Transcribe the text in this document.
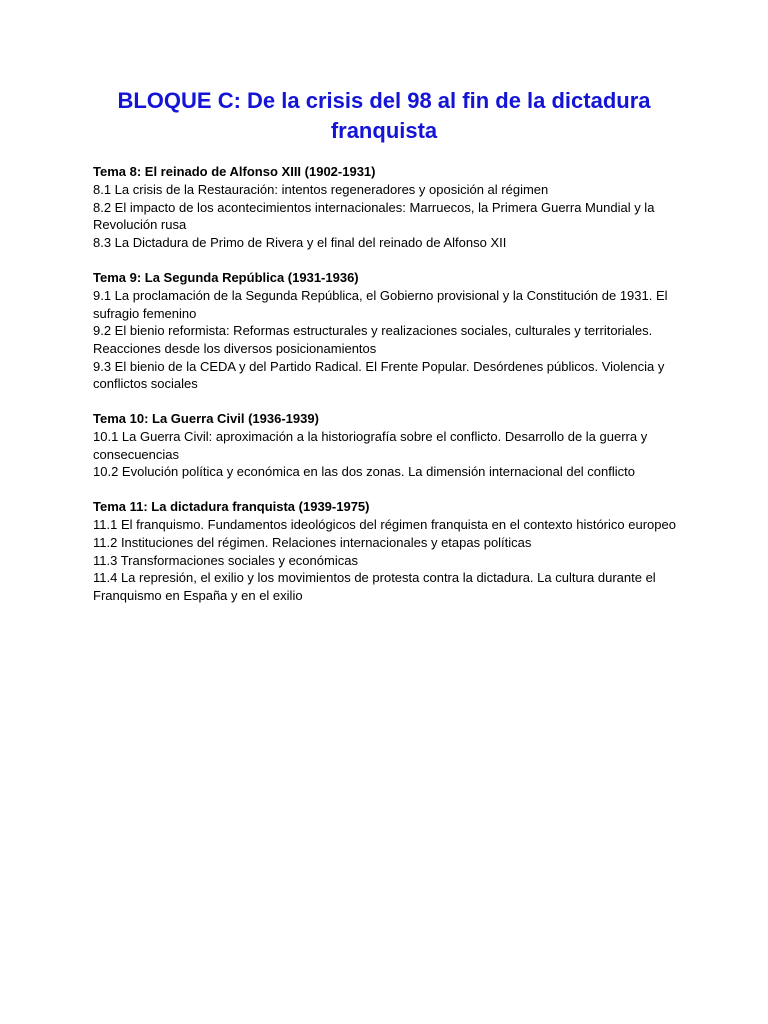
BLOQUE C: De la crisis del 98 al fin de la dictadura franquista

Tema 8: El reinado de Alfonso XIII (1902-1931)

8.1 La crisis de la Restauración: intentos regeneradores y oposición al régimen

8.2 El impacto de los acontecimientos internacionales: Marruecos, la Primera Guerra Mundial y la Revolución rusa

8.3 La Dictadura de Primo de Rivera y el final del reinado de Alfonso XII

Tema 9: La Segunda República (1931-1936)

9.1 La proclamación de la Segunda República, el Gobierno provisional y la Constitución de 1931. El sufragio femenino

9.2 El bienio reformista: Reformas estructurales y realizaciones sociales, culturales y territoriales. Reacciones desde los diversos posicionamientos

9.3 El bienio de la CEDA y del Partido Radical. El Frente Popular. Desórdenes públicos. Violencia y conflictos sociales

Tema 10: La Guerra Civil (1936-1939)

10.1 La Guerra Civil: aproximación a la historiografía sobre el conflicto. Desarrollo de la guerra y consecuencias

10.2 Evolución política y económica en las dos zonas. La dimensión internacional del conflicto

Tema 11: La dictadura franquista (1939-1975)

11.1 El franquismo. Fundamentos ideológicos del régimen franquista en el contexto histórico europeo

11.2 Instituciones del régimen. Relaciones internacionales y etapas políticas

11.3 Transformaciones sociales y económicas

11.4 La represión, el exilio y los movimientos de protesta contra la dictadura. La cultura durante el Franquismo en España y en el exilio
